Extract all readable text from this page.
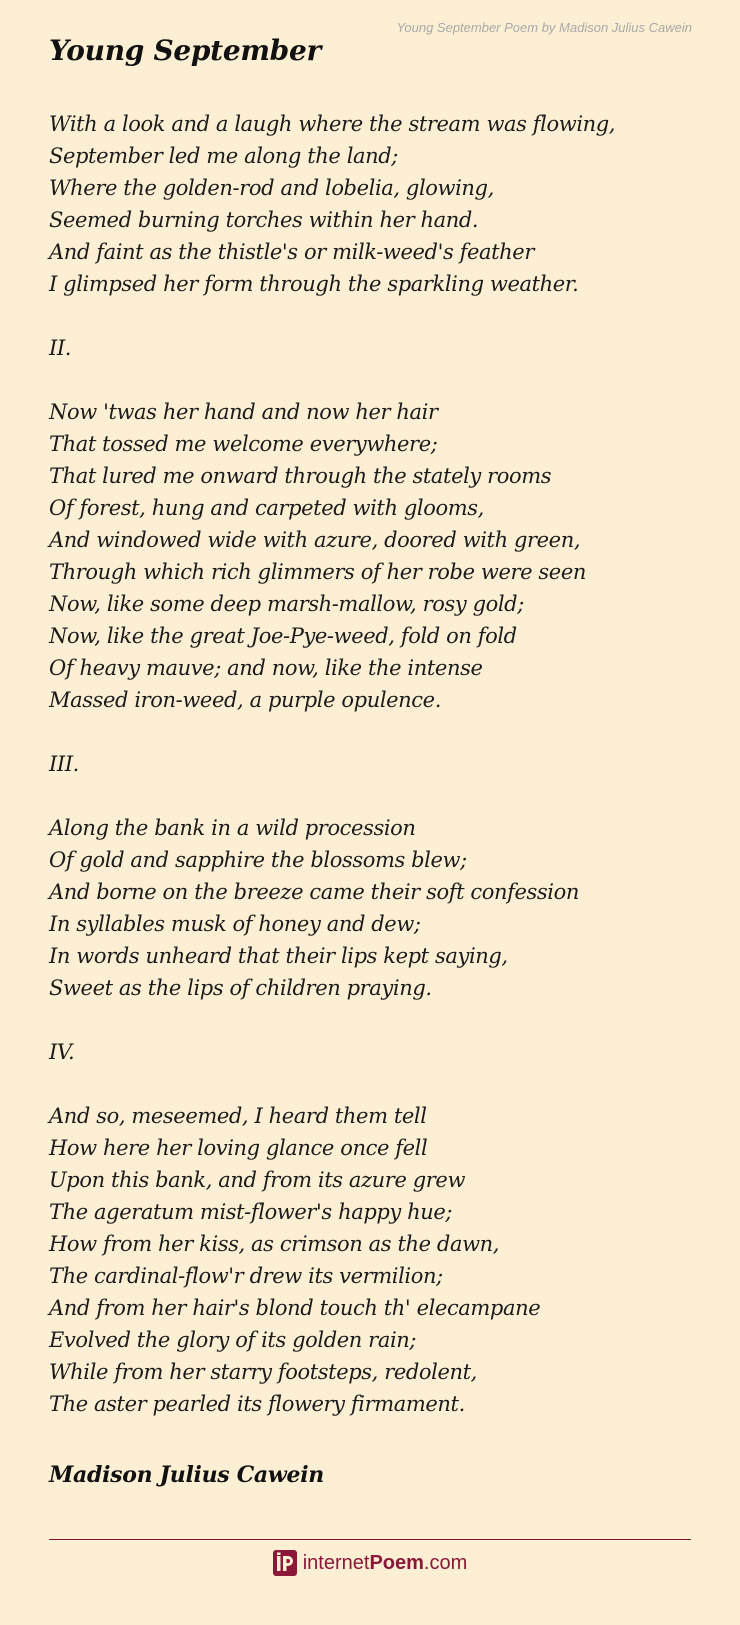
Young September Poem by Madison Julius Cawein
Young September
With a look and a laugh where the stream was flowing,
September led me along the land;
Where the golden-rod and lobelia, glowing,
Seemed burning torches within her hand.
And faint as the thistle's or milk-weed's feather
I glimpsed her form through the sparkling weather.
II.
Now 'twas her hand and now her hair
That tossed me welcome everywhere;
That lured me onward through the stately rooms
Of forest, hung and carpeted with glooms,
And windowed wide with azure, doored with green,
Through which rich glimmers of her robe were seen
Now, like some deep marsh-mallow, rosy gold;
Now, like the great Joe-Pye-weed, fold on fold
Of heavy mauve; and now, like the intense
Massed iron-weed, a purple opulence.
III.
Along the bank in a wild procession
Of gold and sapphire the blossoms blew;
And borne on the breeze came their soft confession
In syllables musk of honey and dew;
In words unheard that their lips kept saying,
Sweet as the lips of children praying.
IV.
And so, meseemed, I heard them tell
How here her loving glance once fell
Upon this bank, and from its azure grew
The ageratum mist-flower's happy hue;
How from her kiss, as crimson as the dawn,
The cardinal-flow'r drew its vermilion;
And from her hair's blond touch th' elecampane
Evolved the glory of its golden rain;
While from her starry footsteps, redolent,
The aster pearled its flowery firmament.
Madison Julius Cawein
internetPoem.com
